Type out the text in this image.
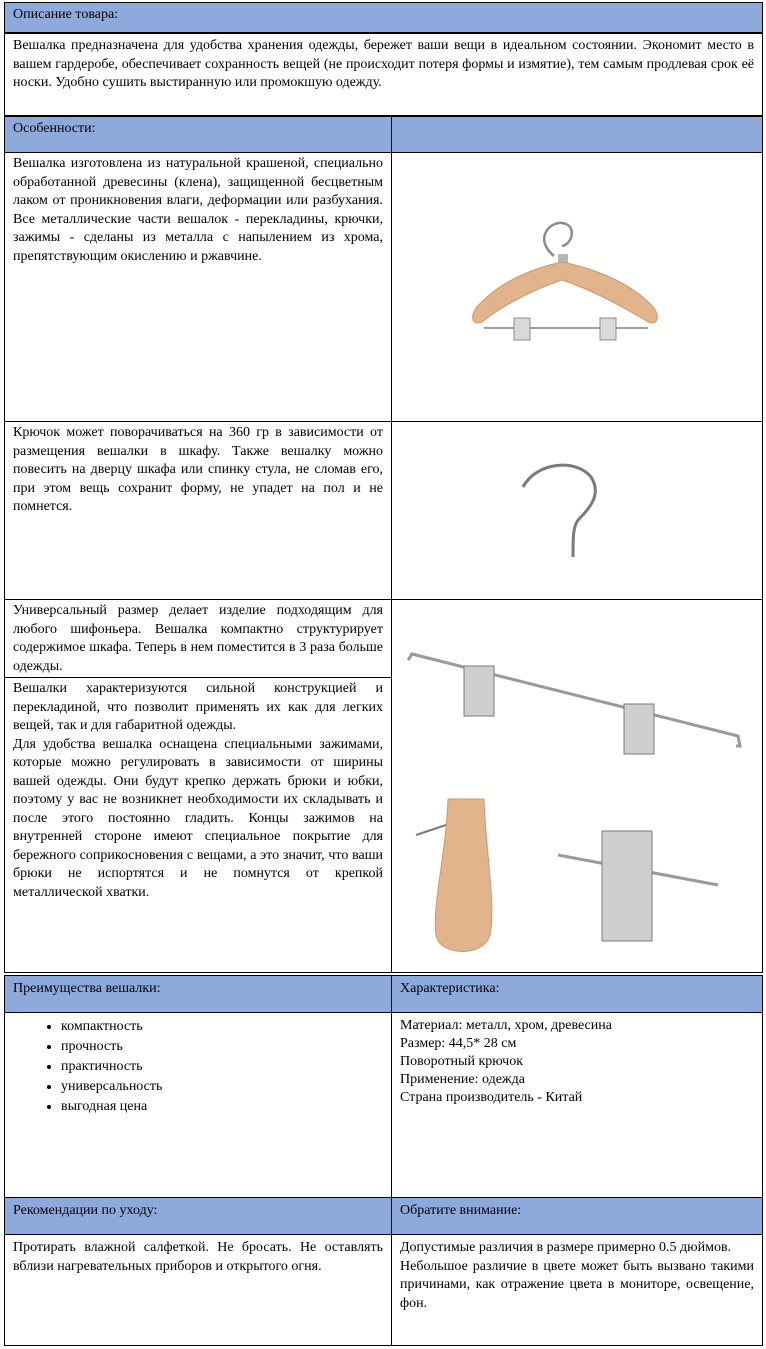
Описание товара:
Вешалка предназначена для удобства хранения одежды, бережет ваши вещи в идеальном состоянии. Экономит место в вашем гардеробе, обеспечивает сохранность вещей (не происходит потеря формы и измятие), тем самым продлевая срок её носки. Удобно сушить выстиранную или промокшую одежду.
Особенности:
Вешалка изготовлена из натуральной крашеной, специально обработанной древесины (клена), защищенной бесцветным лаком от проникновения влаги, деформации или разбухания. Все металлические части вешалок - перекладины, крючки, зажимы - сделаны из металла с напылением из хрома, препятствующим окислению и ржавчине.
Крючок может поворачиваться на 360 гр в зависимости от размещения вешалки в шкафу. Также вешалку можно повесить на дверцу шкафа или спинку стула, не сломав его, при этом вещь сохранит форму, не упадет на пол и не помнется.
Универсальный размер делает изделие подходящим для любого шифоньера. Вешалка компактно структурирует содержимое шкафа. Теперь в нем поместится в 3 раза больше одежды.
Вешалки характеризуются сильной конструкцией и перекладиной, что позволит применять их как для легких вещей, так и для габаритной одежды.
Для удобства вешалка оснащена специальными зажимами, которые можно регулировать в зависимости от ширины вашей одежды. Они будут крепко держать брюки и юбки, поэтому у вас не возникнет необходимости их складывать и после этого постоянно гладить. Концы зажимов на внутренней стороне имеют специальное покрытие для бережного соприкосновения с вещами, а это значит, что ваши брюки не испортятся и не помнутся от крепкой металлической хватки.
Преимущества вешалки:	Характеристика:
• компактность
• прочность
• практичность
• универсальность
• выгодная цена
Материал: металл, хром, древесина
Размер: 44,5* 28 см
Поворотный крючок
Применение: одежда
Страна производитель - Китай
Рекомендации по уходу:	Обратите внимание:
Протирать влажной салфеткой. Не бросать. Не оставлять вблизи нагревательных приборов и открытого огня.
Допустимые различия в размере примерно 0.5 дюймов.
Небольшое различие в цвете может быть вызвано такими причинами, как отражение цвета в мониторе, освещение, фон.
